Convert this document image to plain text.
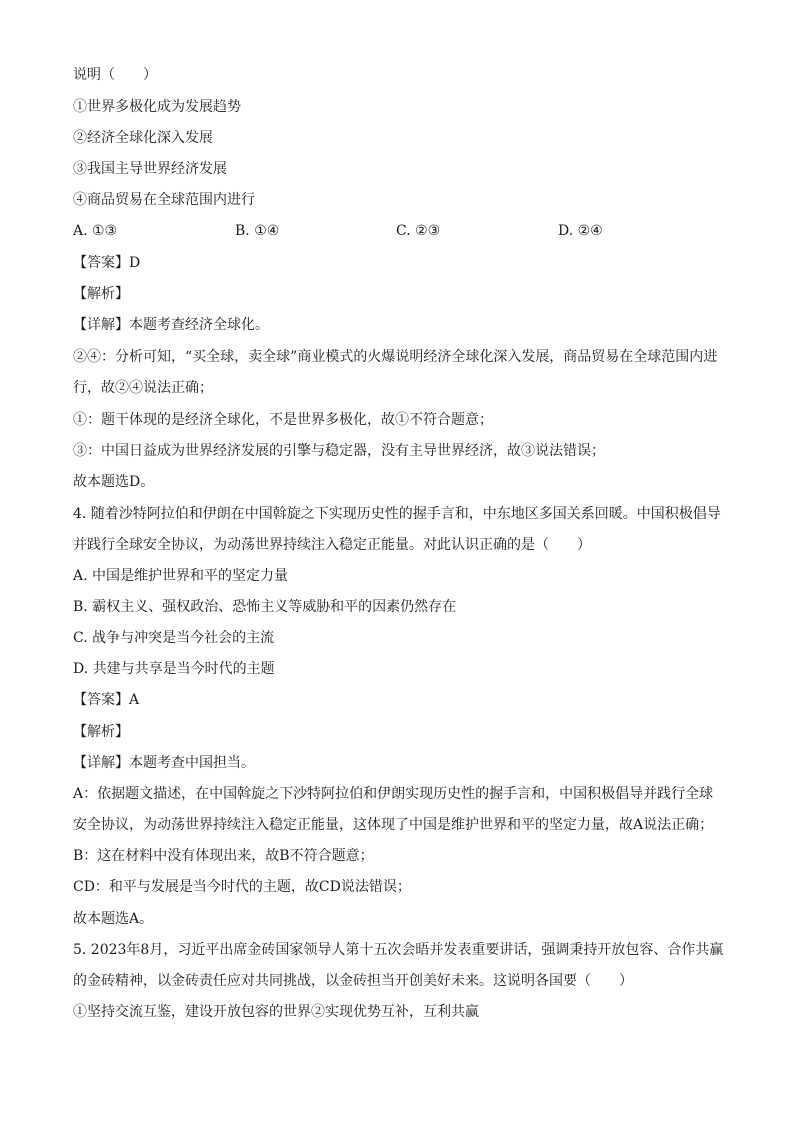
说明（　　）
①世界多极化成为发展趋势
②经济全球化深入发展
③我国主导世界经济发展
④商品贸易在全球范围内进行
A. ①③	B. ①④	C. ②③	D. ②④
【答案】D
【解析】
【详解】本题考查经济全球化。
②④：分析可知，“买全球，卖全球”商业模式的火爆说明经济全球化深入发展，商品贸易在全球范围内进
行，故②④说法正确；
①：题干体现的是经济全球化，不是世界多极化，故①不符合题意；
③：中国日益成为世界经济发展的引擎与稳定器，没有主导世界经济，故③说法错误；
故本题选D。
4. 随着沙特阿拉伯和伊朗在中国斡旋之下实现历史性的握手言和，中东地区多国关系回暖。中国积极倡导
并践行全球安全协议，为动荡世界持续注入稳定正能量。对此认识正确的是（　　）
A. 中国是维护世界和平的坚定力量
B. 霸权主义、强权政治、恐怖主义等威胁和平的因素仍然存在
C. 战争与冲突是当今社会的主流
D. 共建与共享是当今时代的主题
【答案】A
【解析】
【详解】本题考查中国担当。
A：依据题文描述，在中国斡旋之下沙特阿拉伯和伊朗实现历史性的握手言和，中国积极倡导并践行全球
安全协议，为动荡世界持续注入稳定正能量，这体现了中国是维护世界和平的坚定力量，故A说法正确；
B：这在材料中没有体现出来，故B不符合题意；
CD：和平与发展是当今时代的主题，故CD说法错误；
故本题选A。
5. 2023年8月，习近平出席金砖国家领导人第十五次会晤并发表重要讲话，强调秉持开放包容、合作共赢
的金砖精神，以金砖责任应对共同挑战，以金砖担当开创美好未来。这说明各国要（　　）
①坚持交流互鉴，建设开放包容的世界②实现优势互补，互利共赢
